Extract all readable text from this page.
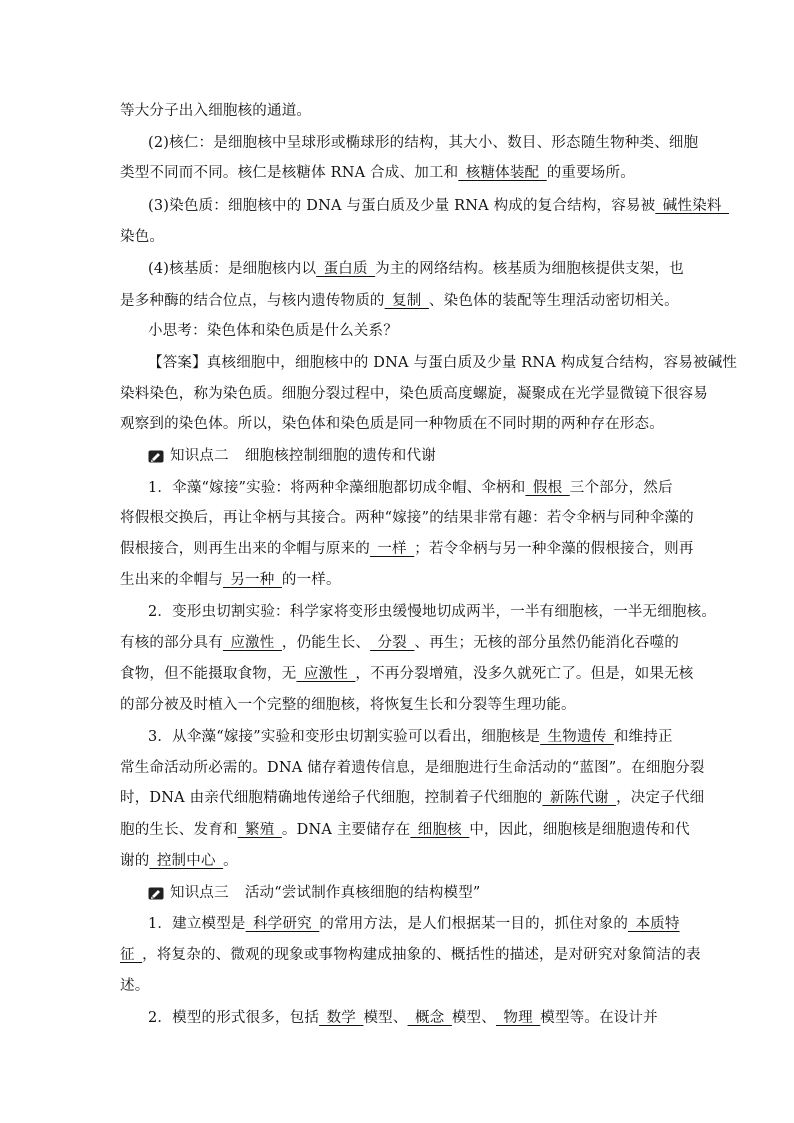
等大分子出入细胞核的通道。
(2)核仁：是细胞核中呈球形或椭球形的结构，其大小、数目、形态随生物种类、细胞
类型不同而不同。核仁是核糖体 RNA 合成、加工和 核糖体装配 的重要场所。
(3)染色质：细胞核中的 DNA 与蛋白质及少量 RNA 构成的复合结构，容易被 碱性染料 
染色。
(4)核基质：是细胞核内以 蛋白质 为主的网络结构。核基质为细胞核提供支架，也
是多种酶的结合位点，与核内遗传物质的 复制 、染色体的装配等生理活动密切相关。
小思考：染色体和染色质是什么关系？
【答案】真核细胞中，细胞核中的 DNA 与蛋白质及少量 RNA 构成复合结构，容易被碱性
染料染色，称为染色质。细胞分裂过程中，染色质高度螺旋，凝聚成在光学显微镜下很容易
观察到的染色体。所以，染色体和染色质是同一种物质在不同时期的两种存在形态。
知识点二 细胞核控制细胞的遗传和代谢
1．伞藻“嫁接”实验：将两种伞藻细胞都切成伞帽、伞柄和 假根 三个部分，然后
将假根交换后，再让伞柄与其接合。两种“嫁接”的结果非常有趣：若令伞柄与同种伞藻的
假根接合，则再生出来的伞帽与原来的 一样 ；若令伞柄与另一种伞藻的假根接合，则再
生出来的伞帽与 另一种 的一样。
2．变形虫切割实验：科学家将变形虫缓慢地切成两半，一半有细胞核，一半无细胞核。
有核的部分具有 应激性 ，仍能生长、 分裂 、再生；无核的部分虽然仍能消化吞噬的
食物，但不能摄取食物，无 应激性 ，不再分裂增殖，没多久就死亡了。但是，如果无核
的部分被及时植入一个完整的细胞核，将恢复生长和分裂等生理功能。
3．从伞藻“嫁接”实验和变形虫切割实验可以看出，细胞核是 生物遗传 和维持正
常生命活动所必需的。DNA 储存着遗传信息，是细胞进行生命活动的“蓝图”。在细胞分裂
时，DNA 由亲代细胞精确地传递给子代细胞，控制着子代细胞的 新陈代谢 ，决定子代细
胞的生长、发育和 繁殖 。DNA 主要储存在 细胞核 中，因此，细胞核是细胞遗传和代
谢的 控制中心 。
知识点三 活动“尝试制作真核细胞的结构模型”
1．建立模型是 科学研究 的常用方法，是人们根据某一目的，抓住对象的 本质特
征 ，将复杂的、微观的现象或事物构建成抽象的、概括性的描述，是对研究对象简洁的表
述。
2．模型的形式很多，包括 数学 模型、 概念 模型、 物理 模型等。在设计并
